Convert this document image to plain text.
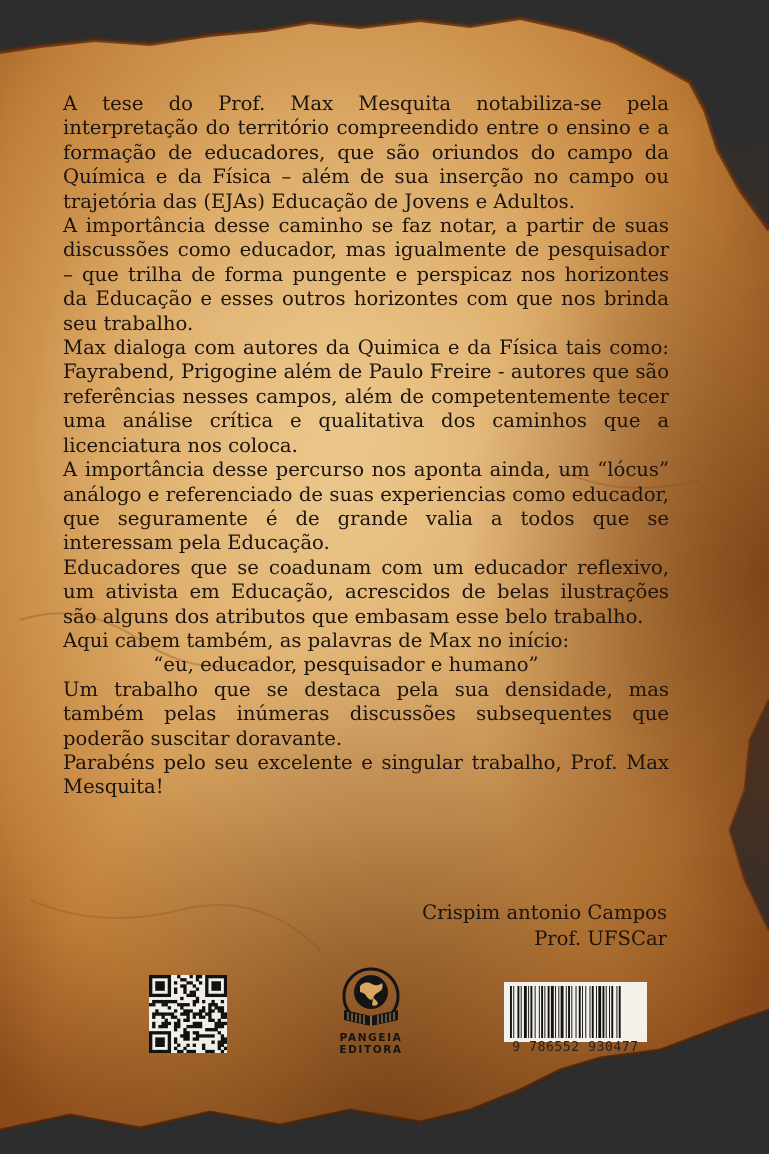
A tese do Prof. Max Mesquita notabiliza-se pela interpretação do território compreendido entre o ensino e a formação de educadores, que são oriundos do campo da Química e da Física – além de sua inserção no campo ou trajetória das (EJAs) Educação de Jovens e Adultos.

A importância desse caminho se faz notar, a partir de suas discussões como educador, mas igualmente de pesquisador – que trilha de forma pungente e perspicaz nos horizontes da Educação e esses outros horizontes com que nos brinda seu trabalho.

Max dialoga com autores da Quimica e da Física tais como: Fayrabend, Prigogine além de Paulo Freire - autores que são referências nesses campos, além de competentemente tecer uma análise crítica e qualitativa dos caminhos que a licenciatura nos coloca.

A importância desse percurso nos aponta ainda, um “lócus” análogo e referenciado de suas experiencias como educador, que seguramente é de grande valia a todos que se interessam pela Educação.

Educadores que se coadunam com um educador reflexivo, um ativista em Educação, acrescidos de belas ilustrações são alguns dos atributos que embasam esse belo trabalho.

Aqui cabem também, as palavras de Max no início:

“eu, educador, pesquisador e humano”

Um trabalho que se destaca pela sua densidade, mas também pelas inúmeras discussões subsequentes que poderão suscitar doravante.

Parabéns pelo seu excelente e singular trabalho, Prof. Max Mesquita!

Crispim antonio Campos
Prof. UFSCar
PANGEIA
EDITORA	9 786552 930477
